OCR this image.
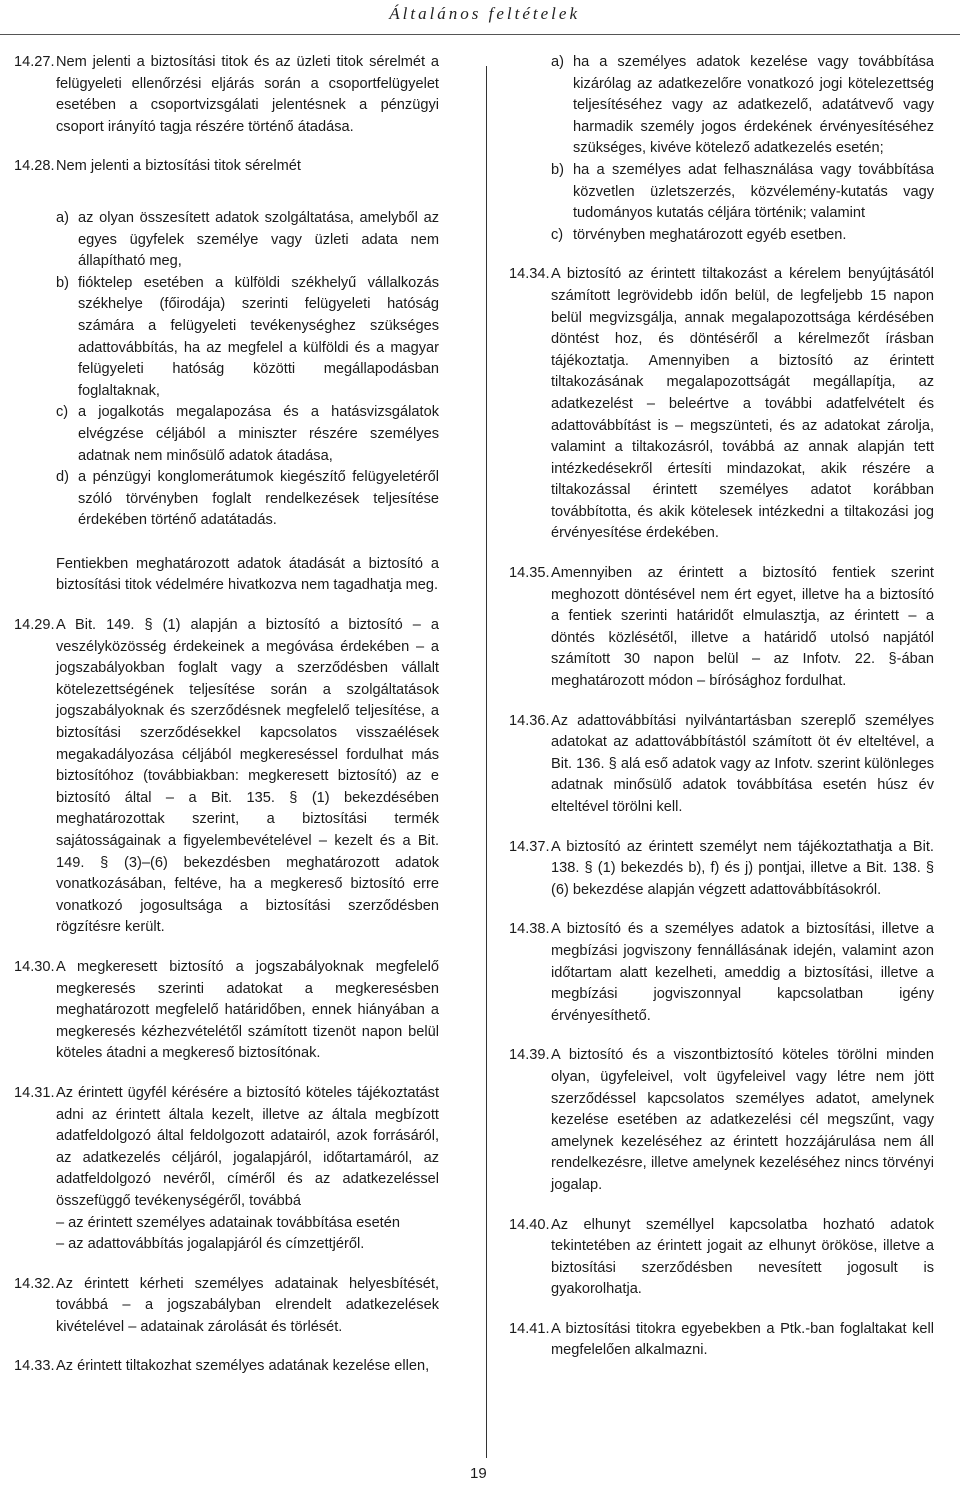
Általános feltételek
14.27. Nem jelenti a biztosítási titok és az üzleti titok sérelmét a felügyeleti ellenőrzési eljárás során a csoportfelügyelet esetében a csoportvizsgálati jelentésnek a pénzügyi csoport irányító tagja részére történő átadása.
14.28. Nem jelenti a biztosítási titok sérelmét
a) az olyan összesített adatok szolgáltatása, amelyből az egyes ügyfelek személye vagy üzleti adata nem állapítható meg,
b) fióktelep esetében a külföldi székhelyű vállalkozás székhelye (főirodája) szerinti felügyeleti hatóság számára a felügyeleti tevékenységhez szükséges adattovábbítás, ha az megfelel a külföldi és a magyar felügyeleti hatóság közötti megállapodásban foglaltaknak,
c) a jogalkotás megalapozása és a hatásvizsgálatok elvégzése céljából a miniszter részére személyes adatnak nem minősülő adatok átadása,
d) a pénzügyi konglomerátumok kiegészítő felügyeletéről szóló törvényben foglalt rendelkezések teljesítése érdekében történő adatátadás.

Fentiekben meghatározott adatok átadását a biztosító a biztosítási titok védelmére hivatkozva nem tagadhatja meg.

14.29. A Bit. 149. § (1) alapján a biztosító a biztosító – a veszélyközösség érdekeinek a megóvása érdekében – a jogszabályokban foglalt vagy a szerződésben vállalt kötelezettségének teljesítése során a szolgáltatások jogszabályoknak és szerződésnek megfelelő teljesítése, a biztosítási szerződésekkel kapcsolatos visszaélések megakadályozása céljából megkereséssel fordulhat más biztosítóhoz (továbbiakban: megkeresett biztosító) az e biztosító által – a Bit. 135. § (1) bekezdésében meghatározottak szerint, a biztosítási termék sajátosságainak a figyelembevételével – kezelt és a Bit. 149. § (3)–(6) bekezdésben meghatározott adatok vonatkozásában, feltéve, ha a megkereső biztosító erre vonatkozó jogosultsága a biztosítási szerződésben rögzítésre került.
14.30. A megkeresett biztosító a jogszabályoknak megfelelő megkeresés szerinti adatokat a megkeresésben meghatározott megfelelő határidőben, ennek hiányában a megkeresés kézhezvételétől számított tizenöt napon belül köteles átadni a megkereső biztosítónak.
14.31. Az érintett ügyfél kérésére a biztosító köteles tájékoztatást adni az érintett általa kezelt, illetve az általa megbízott adatfeldolgozó által feldolgozott adatairól, azok forrásáról, az adatkezelés céljáról, jogalapjáról, időtartamáról, az adatfeldolgozó nevéről, címéről és az adatkezeléssel összefüggő tevékenységéről, továbbá
– az érintett személyes adatainak továbbítása esetén
– az adattovábbítás jogalapjáról és címzettjéről.
14.32. Az érintett kérheti személyes adatainak helyesbítését, továbbá – a jogszabályban elrendelt adatkezelések kivételével – adatainak zárolását és törlését.
14.33. Az érintett tiltakozhat személyes adatának kezelése ellen,
a) ha a személyes adatok kezelése vagy továbbítása kizárólag az adatkezelőre vonatkozó jogi kötelezettség teljesítéséhez vagy az adatkezelő, adatátvevő vagy harmadik személy jogos érdekének érvényesítéséhez szükséges, kivéve kötelező adatkezelés esetén;
b) ha a személyes adat felhasználása vagy továbbítása közvetlen üzletszerzés, közvélemény-kutatás vagy tudományos kutatás céljára történik; valamint
c) törvényben meghatározott egyéb esetben.
14.34. A biztosító az érintett tiltakozást a kérelem benyújtásától számított legrövidebb időn belül, de legfeljebb 15 napon belül megvizsgálja, annak megalapozottsága kérdésében döntést hoz, és döntéséről a kérelmezőt írásban tájékoztatja. Amennyiben a biztosító az érintett tiltakozásának megalapozottságát megállapítja, az adatkezelést – beleértve a további adatfelvételt és adattovábbítást is – megszünteti, és az adatokat zárolja, valamint a tiltakozásról, továbbá az annak alapján tett intézkedésekről értesíti mindazokat, akik részére a tiltakozással érintett személyes adatot korábban továbbította, és akik kötelesek intézkedni a tiltakozási jog érvényesítése érdekében.
14.35. Amennyiben az érintett a biztosító fentiek szerint meghozott döntésével nem ért egyet, illetve ha a biztosító a fentiek szerinti határidőt elmulasztja, az érintett – a döntés közlésétől, illetve a határidő utolsó napjától számított 30 napon belül – az Infotv. 22. §-ában meghatározott módon – bírósághoz fordulhat.
14.36. Az adattovábbítási nyilvántartásban szereplő személyes adatokat az adattovábbítástól számított öt év elteltével, a Bit. 136. § alá eső adatok vagy az Infotv. szerint különleges adatnak minősülő adatok továbbítása esetén húsz év elteltével törölni kell.
14.37. A biztosító az érintett személyt nem tájékoztathatja a Bit. 138. § (1) bekezdés b), f) és j) pontjai, illetve a Bit. 138. § (6) bekezdése alapján végzett adattovábbításokról.
14.38. A biztosító és a személyes adatok a biztosítási, illetve a megbízási jogviszony fennállásának idején, valamint azon időtartam alatt kezelheti, ameddig a biztosítási, illetve a megbízási jogviszonnyal kapcsolatban igény érvényesíthető.
14.39. A biztosító és a viszontbiztosító köteles törölni minden olyan, ügyfeleivel, volt ügyfeleivel vagy létre nem jött szerződéssel kapcsolatos személyes adatot, amelynek kezelése esetében az adatkezelési cél megszűnt, vagy amelynek kezeléséhez az érintett hozzájárulása nem áll rendelkezésre, illetve amelynek kezeléséhez nincs törvényi jogalap.
14.40. Az elhunyt személlyel kapcsolatba hozható adatok tekintetében az érintett jogait az elhunyt örököse, illetve a biztosítási szerződésben nevesített jogosult is gyakorolhatja.
14.41. A biztosítási titokra egyebekben a Ptk.-ban foglaltakat kell megfelelően alkalmazni.
19
